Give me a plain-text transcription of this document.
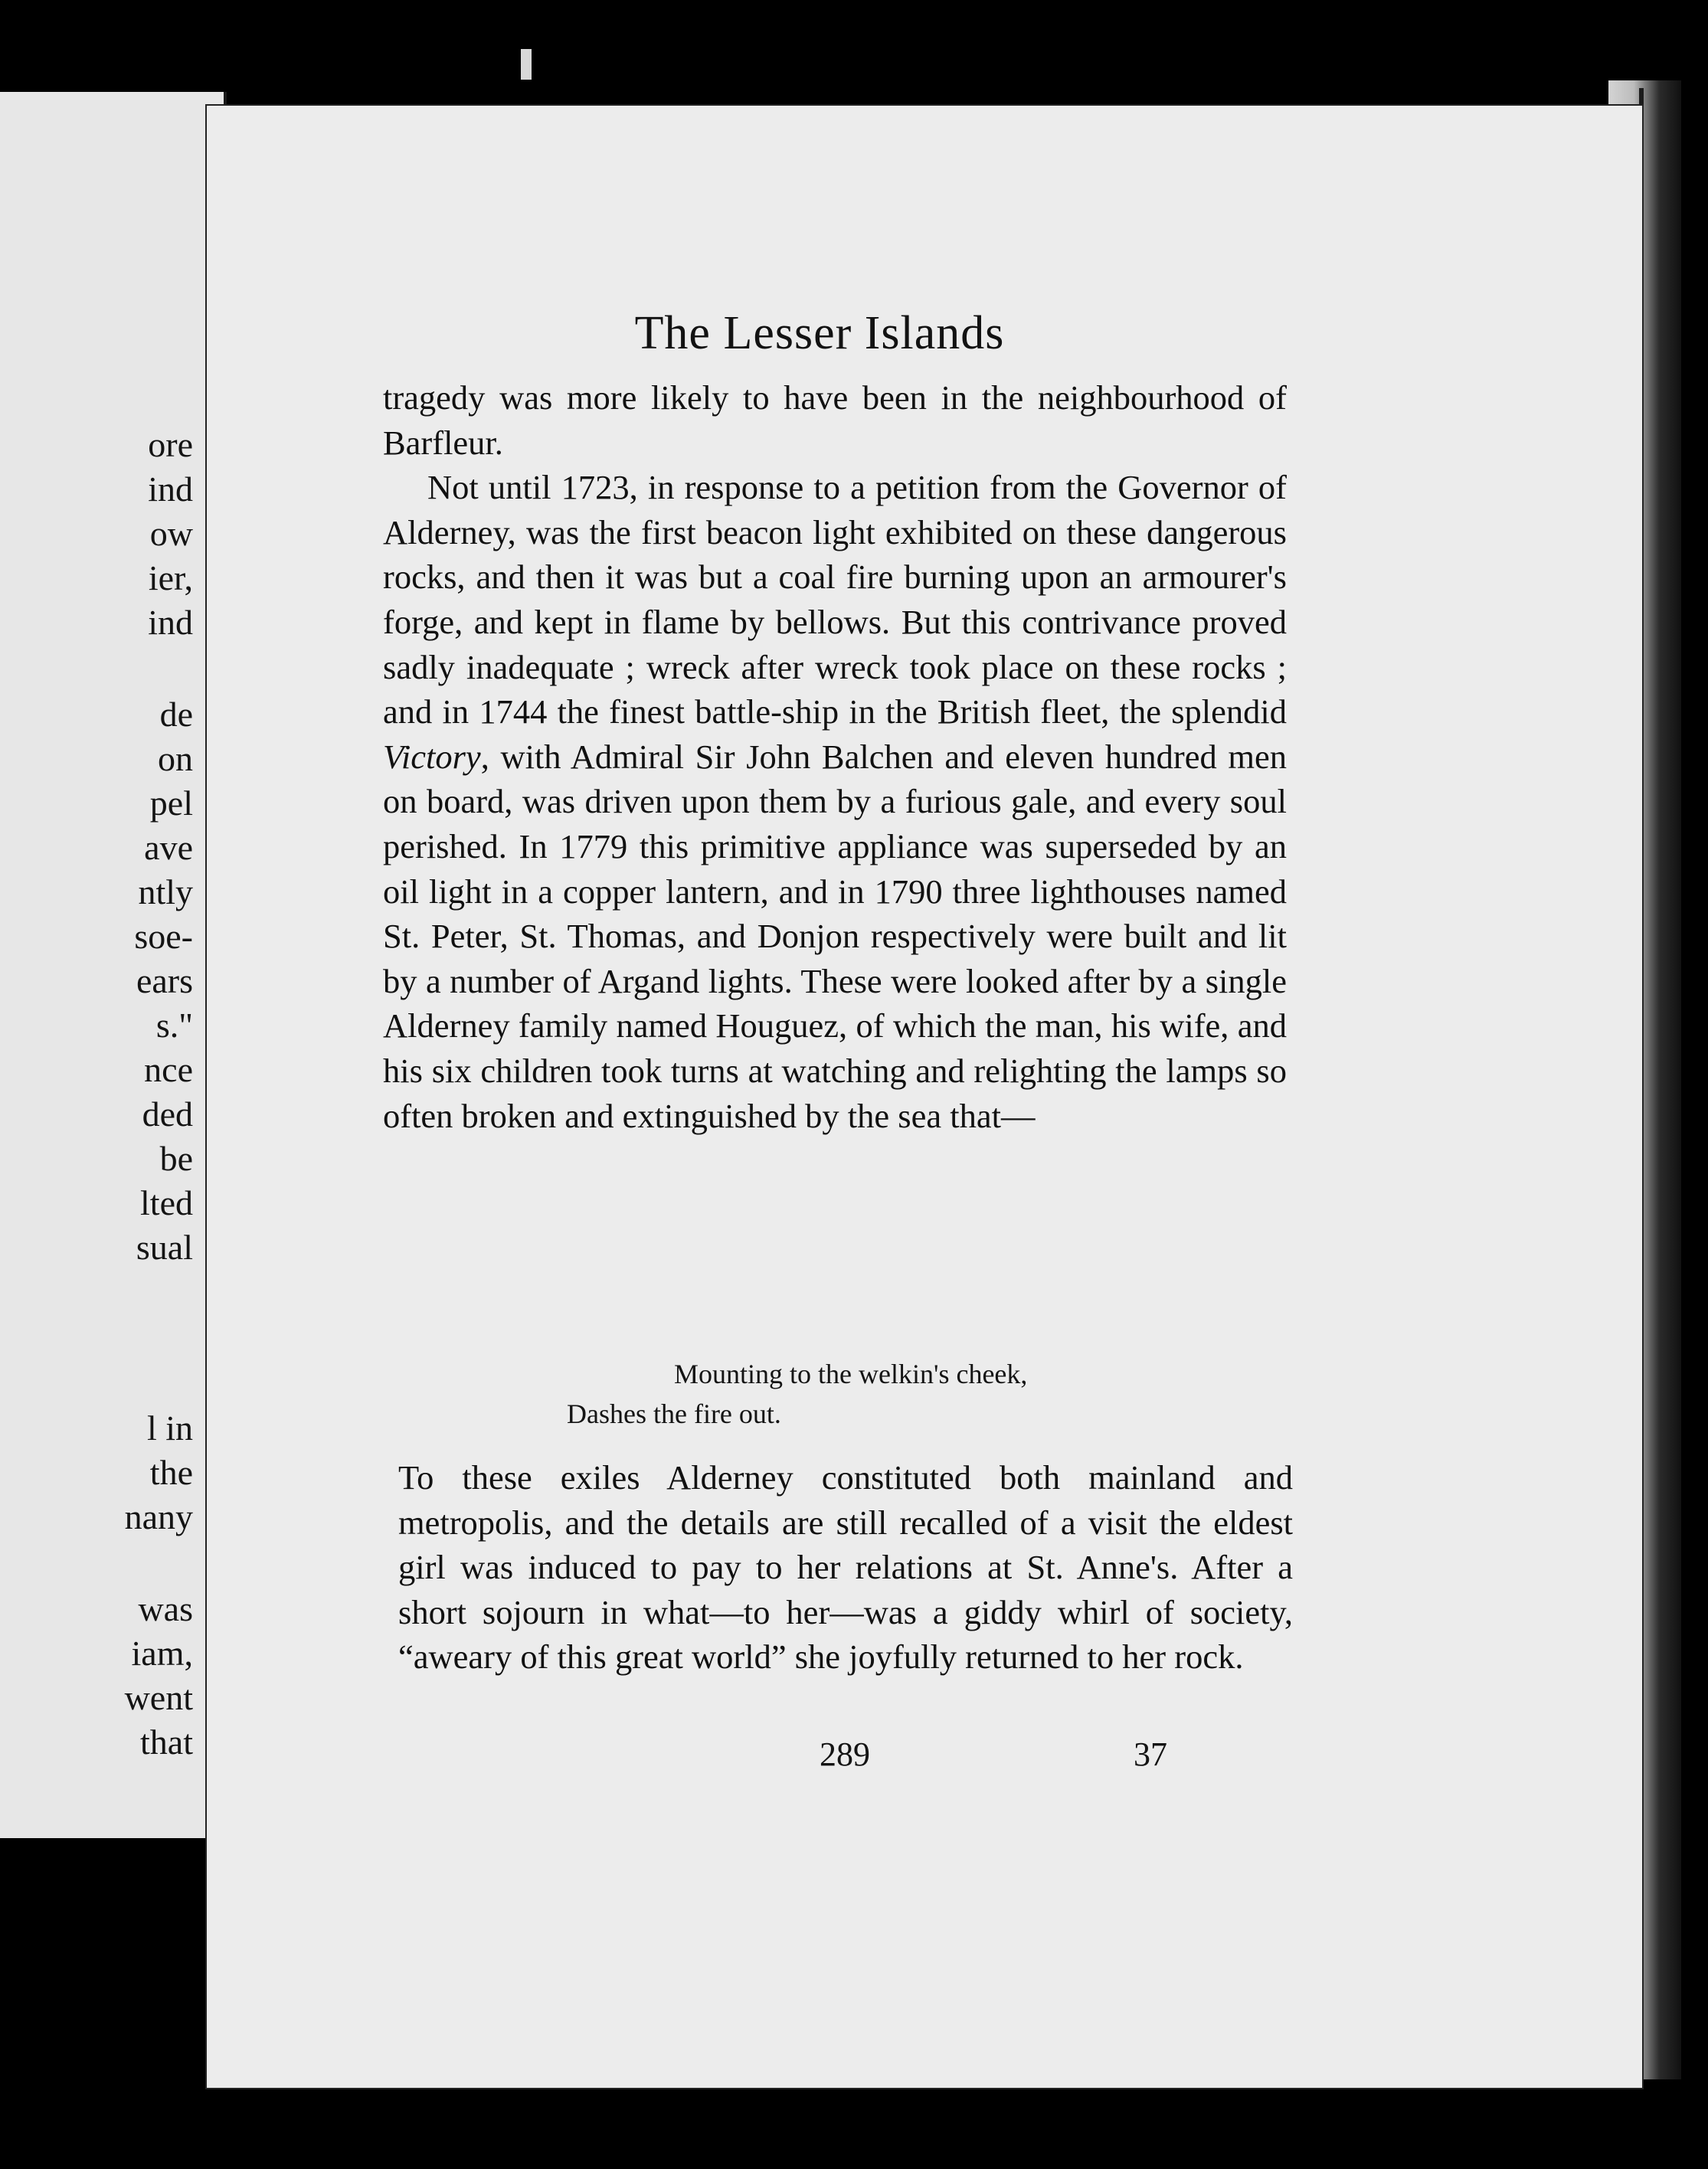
ore
ind
ow
ier,
ind
de
on
pel
ave
ntly
soe-
ears
s."
nce
ded
be
lted
sual
l in
the
nany
was
iam,
went
that
The Lesser Islands

tragedy was more likely to have been in the neighbourhood of Barfleur.

Not until 1723, in response to a petition from the Governor of Alderney, was the first beacon light exhibited on these dangerous rocks, and then it was but a coal fire burning upon an armourer's forge, and kept in flame by bellows. But this contrivance proved sadly inadequate ; wreck after wreck took place on these rocks ; and in 1744 the finest battle-ship in the British fleet, the splendid Victory, with Admiral Sir John Balchen and eleven hundred men on board, was driven upon them by a furious gale, and every soul perished. In 1779 this primitive appliance was superseded by an oil light in a copper lantern, and in 1790 three lighthouses named St. Peter, St. Thomas, and Donjon respectively were built and lit by a number of Argand lights. These were looked after by a single Alderney family named Houguez, of which the man, his wife, and his six children took turns at watching and relighting the lamps so often broken and extinguished by the sea that—

Mounting to the welkin's cheek,
Dashes the fire out.

To these exiles Alderney constituted both mainland and metropolis, and the details are still recalled of a visit the eldest girl was induced to pay to her relations at St. Anne's. After a short sojourn in what—to her—was a giddy whirl of society, “aweary of this great world” she joyfully returned to her rock.

289	37
